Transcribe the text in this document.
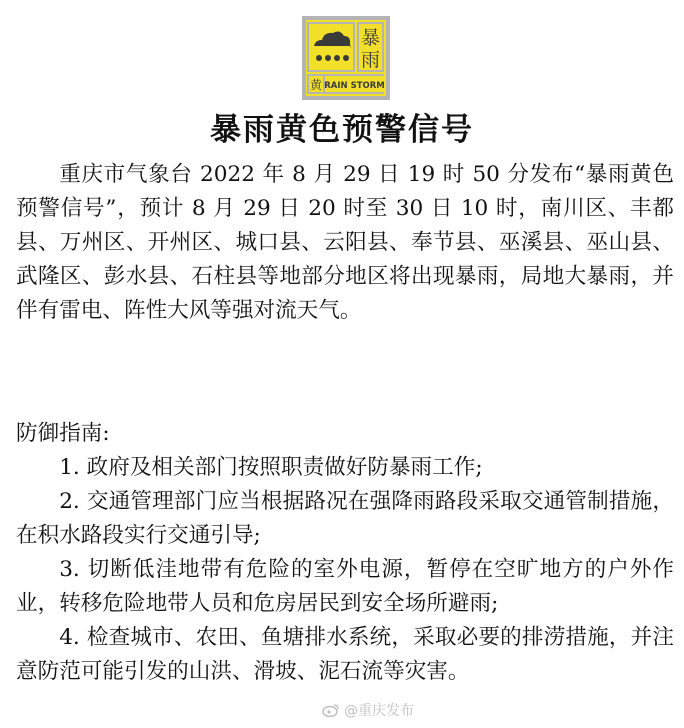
暴
雨
黄 RAIN STORM
暴雨黄色预警信号

重庆市气象台 2022 年 8 月 29 日 19 时 50 分发布“暴雨黄色预警信号”，预计 8 月 29 日 20 时至 30 日 10 时，南川区、丰都县、万州区、开州区、城口县、云阳县、奉节县、巫溪县、巫山县、武隆区、彭水县、石柱县等地部分地区将出现暴雨，局地大暴雨，并伴有雷电、阵性大风等强对流天气。

防御指南:

1. 政府及相关部门按照职责做好防暴雨工作;
2. 交通管理部门应当根据路况在强降雨路段采取交通管制措施，在积水路段实行交通引导;
3. 切断低洼地带有危险的室外电源，暂停在空旷地方的户外作业，转移危险地带人员和危房居民到安全场所避雨;
4. 检查城市、农田、鱼塘排水系统，采取必要的排涝措施，并注意防范可能引发的山洪、滑坡、泥石流等灾害。
@重庆发布
